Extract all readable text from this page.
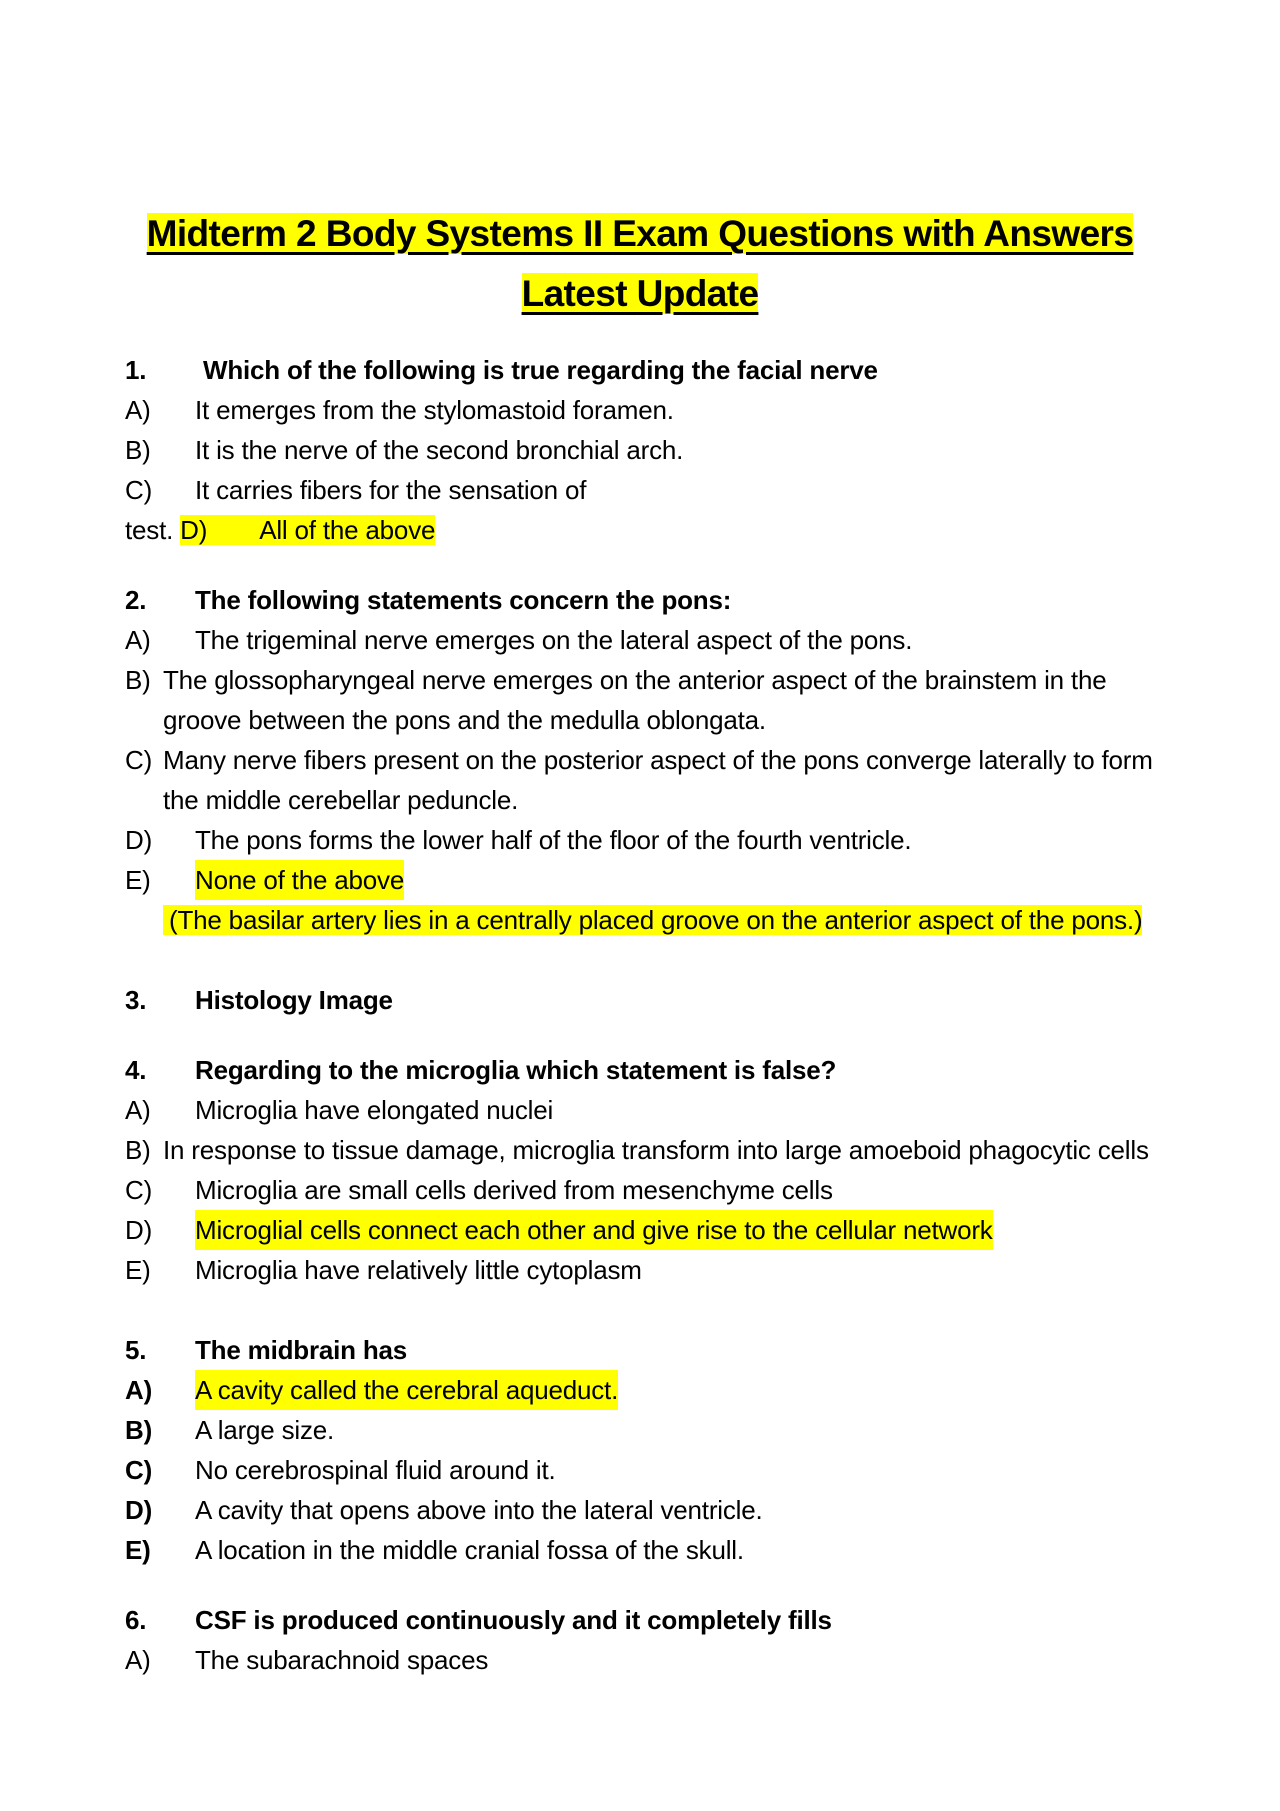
Midterm 2 Body Systems II Exam Questions with Answers
Latest Update
1. Which of the following is true regarding the facial nerve
A) It emerges from the stylomastoid foramen.
B) It is the nerve of the second bronchial arch.
C) It carries fibers for the sensation of
test. D) All of the above
2. The following statements concern the pons:
A) The trigeminal nerve emerges on the lateral aspect of the pons.
B) The glossopharyngeal nerve emerges on the anterior aspect of the brainstem in the groove between the pons and the medulla oblongata.
C) Many nerve fibers present on the posterior aspect of the pons converge laterally to form the middle cerebellar peduncle.
D) The pons forms the lower half of the floor of the fourth ventricle.
E) None of the above
(The basilar artery lies in a centrally placed groove on the anterior aspect of the pons.)
3. Histology Image
4. Regarding to the microglia which statement is false?
A) Microglia have elongated nuclei
B) In response to tissue damage, microglia transform into large amoeboid phagocytic cells
C) Microglia are small cells derived from mesenchyme cells
D) Microglial cells connect each other and give rise to the cellular network
E) Microglia have relatively little cytoplasm
5. The midbrain has
A) A cavity called the cerebral aqueduct.
B) A large size.
C) No cerebrospinal fluid around it.
D) A cavity that opens above into the lateral ventricle.
E) A location in the middle cranial fossa of the skull.
6. CSF is produced continuously and it completely fills
A) The subarachnoid spaces
